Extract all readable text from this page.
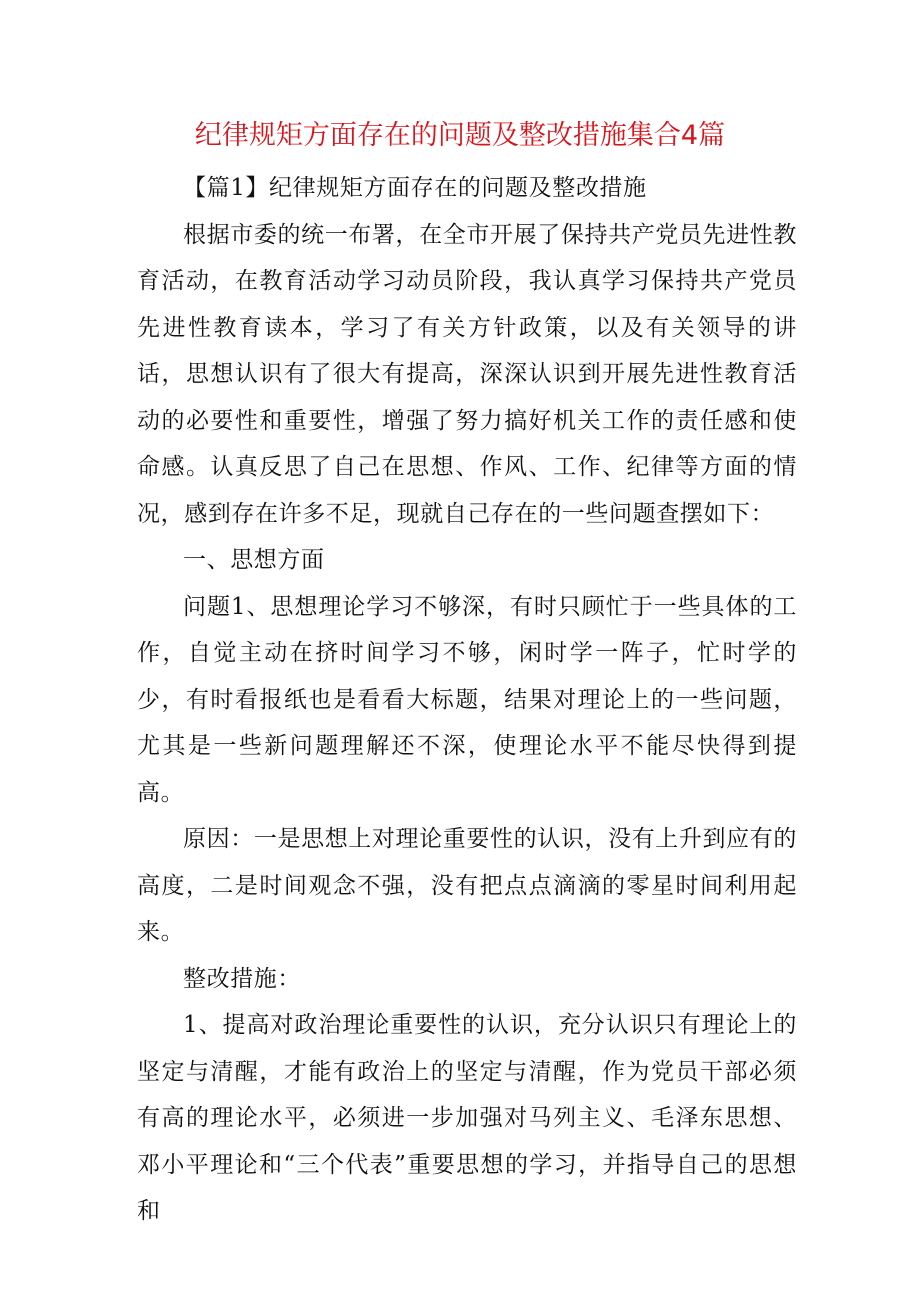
纪律规矩方面存在的问题及整改措施集合4篇

【篇1】纪律规矩方面存在的问题及整改措施

根据市委的统一布署，在全市开展了保持共产党员先进性教育活动，在教育活动学习动员阶段，我认真学习保持共产党员先进性教育读本，学习了有关方针政策，以及有关领导的讲话，思想认识有了很大有提高，深深认识到开展先进性教育活动的必要性和重要性，增强了努力搞好机关工作的责任感和使命感。认真反思了自己在思想、作风、工作、纪律等方面的情况，感到存在许多不足，现就自己存在的一些问题查摆如下：

一、思想方面

问题1、思想理论学习不够深，有时只顾忙于一些具体的工作，自觉主动在挤时间学习不够，闲时学一阵子，忙时学的少，有时看报纸也是看看大标题，结果对理论上的一些问题，尤其是一些新问题理解还不深，使理论水平不能尽快得到提高。

原因：一是思想上对理论重要性的认识，没有上升到应有的高度，二是时间观念不强，没有把点点滴滴的零星时间利用起来。

整改措施：

1、提高对政治理论重要性的认识，充分认识只有理论上的坚定与清醒，才能有政治上的坚定与清醒，作为党员干部必须有高的理论水平，必须进一步加强对马列主义、毛泽东思想、邓小平理论和“三个代表”重要思想的学习，并指导自己的思想和
